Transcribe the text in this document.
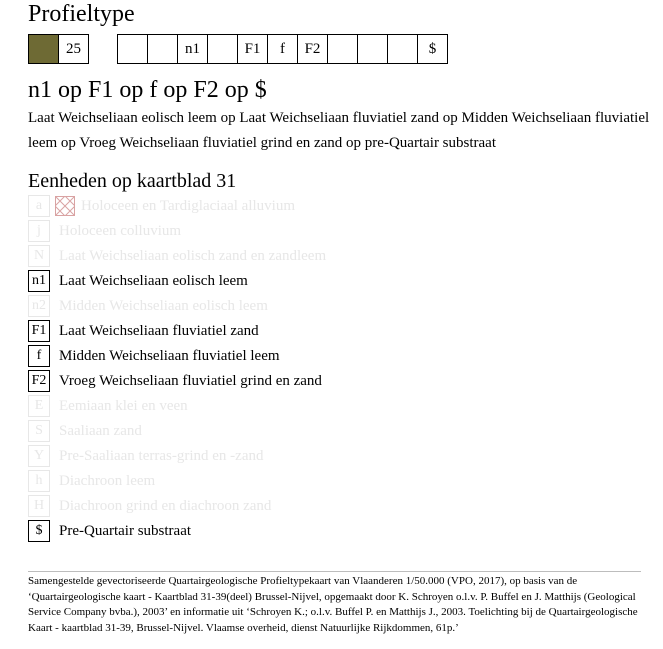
Profieltype
25	n1	F1	f	F2	$
n1 op F1 op f op F2 op $
Laat Weichseliaan eolisch leem op Laat Weichseliaan fluviatiel zand op Midden Weichseliaan fluviatiel leem op Vroeg Weichseliaan fluviatiel grind en zand op pre-Quartair substraat
Eenheden op kaartblad 31
a	Holoceen en Tardiglaciaal alluvium
j	Holoceen colluvium
N Laat Weichseliaan eolisch zand en zandleem
n1 Laat Weichseliaan eolisch leem
n2 Midden Weichseliaan eolisch leem
F1 Laat Weichseliaan fluviatiel zand
f	Midden Weichseliaan fluviatiel leem
F2 Vroeg Weichseliaan fluviatiel grind en zand
E	Eemiaan klei en veen
S	Saaliaan zand
Y Pre-Saaliaan terras-grind en -zand
h	Diachroon leem
H Diachroon grind en diachroon zand
$	Pre-Quartair substraat
Samengestelde gevectoriseerde Quartairgeologische Profieltypekaart van Vlaanderen 1/50.000 (VPO, 2017), op basis van de ‘Quartairgeologische kaart - Kaartblad 31-39(deel) Brussel-Nijvel, opgemaakt door K. Schroyen o.l.v. P. Buffel en J. Matthijs (Geological Service Company bvba.), 2003’ en informatie uit ‘Schroyen K.; o.l.v. Buffel P. en Matthijs J., 2003. Toelichting bij de Quartairgeologische Kaart - kaartblad 31-39, Brussel-Nijvel. Vlaamse overheid, dienst Natuurlijke Rijkdommen, 61p.’
